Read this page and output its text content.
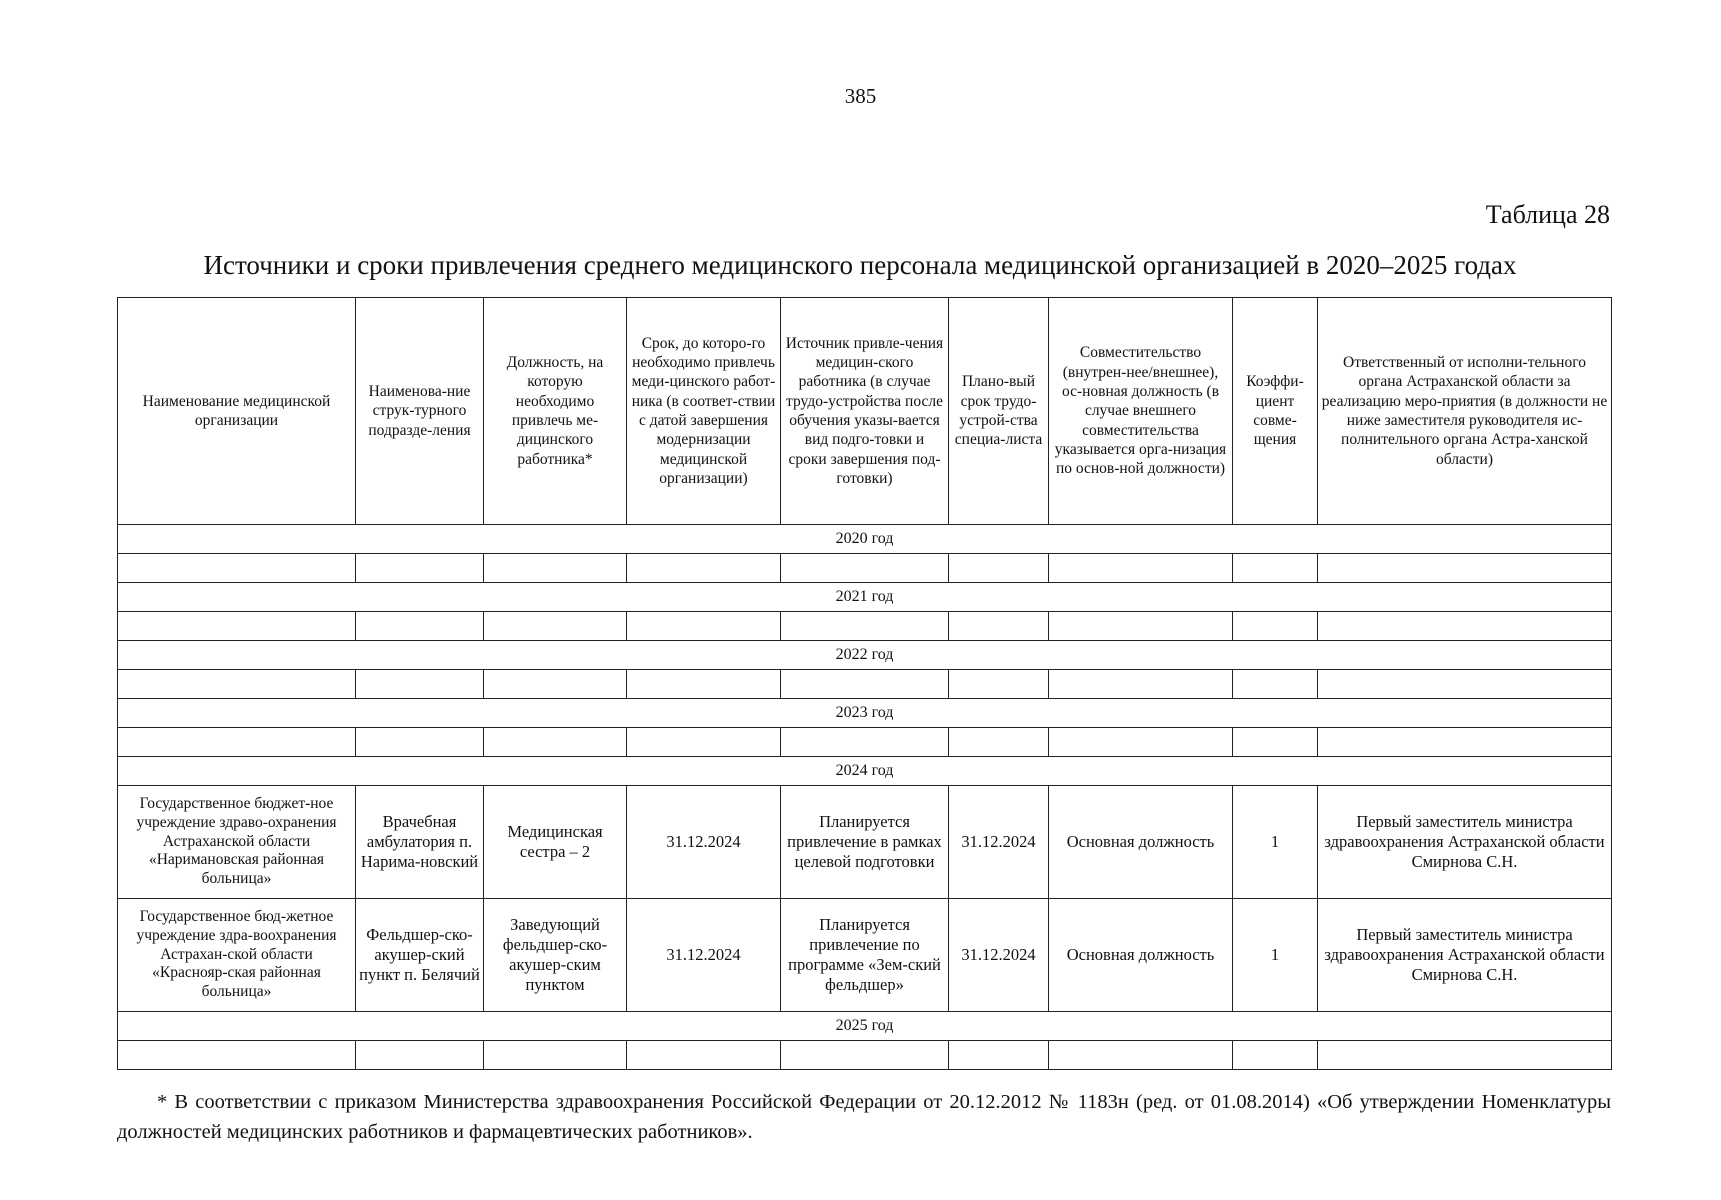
385
Таблица 28
Источники и сроки привлечения среднего медицинского персонала медицинской организацией в 2020–2025 годах
Наименование медицинской организации	Наименова-ние струк-турного подразде-ления	Должность, на которую необходимо привлечь ме-дицинского работника*	Срок, до которо-го необходимо привлечь меди-цинского работ-ника (в соответ-ствии с датой завершения модернизации медицинской организации)	Источник привле-чения медицин-ского работника (в случае трудо-устройства после обучения указы-вается вид подго-товки и сроки завершения под-готовки)	Плано-вый срок трудо-устрой-ства специа-листа	Совместительство (внутрен-нее/внешнее), ос-новная должность (в случае внешнего совместительства указывается орга-низация по основ-ной должности)	Коэффи-циент совме-щения	Ответственный от исполни-тельного органа Астраханской области за реализацию меро-приятия (в должности не ниже заместителя руководителя ис-полнительного органа Астра-ханской области)
2020 год								

2021 год								

2022 год								

2023 год								

2024 год								
Государственное бюджет-ное учреждение здраво-охранения Астраханской области «Наримановская районная больница»	Врачебная амбулатория п. Нарима-новский	Медицинская сестра – 2	31.12.2024	Планируется привлечение в рамках целевой подготовки	31.12.2024	Основная должность	1	Первый заместитель министра здравоохранения Астраханской области Смирнова С.Н.
Государственное бюд-жетное учреждение здра-воохранения Астрахан-ской области «Краснояр-ская районная больница»	Фельдшер-ско-акушер-ский пункт п. Белячий	Заведующий фельдшер-ско-акушер-ским пунктом	31.12.2024	Планируется привлечение по программе «Зем-ский фельдшер»	31.12.2024	Основная должность	1	Первый заместитель министра здравоохранения Астраханской области Смирнова С.Н.
2025 год								

* В соответствии с приказом Министерства здравоохранения Российской Федерации от 20.12.2012 № 1183н (ред. от 01.08.2014) «Об утверждении Номенклатуры должностей медицинских работников и фармацевтических работников».
